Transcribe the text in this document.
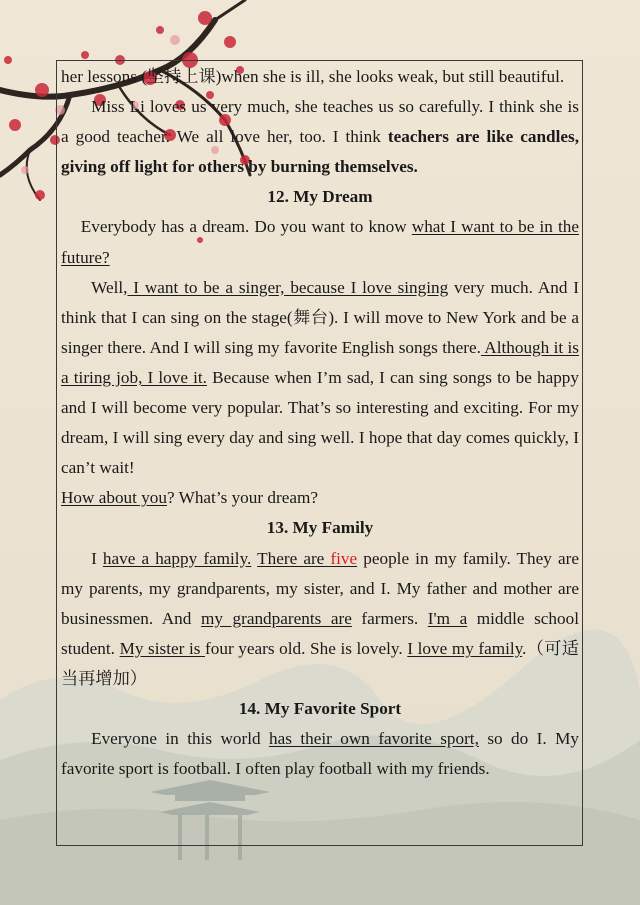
her lessons (坚持上课)when she is ill, she looks weak, but still beautiful.

Miss Li loves us very much, she teaches us so carefully. I think she is a good teacher. We all love her, too. I think teachers are like candles, giving off light for others by burning themselves.

12. My Dream

Everybody has a dream. Do you want to know what I want to be in the future?

Well, I want to be a singer, because I love singing very much. And I think that I can sing on the stage(舞台). I will move to New York and be a singer there. And I will sing my favorite English songs there. Although it is a tiring job, I love it. Because when I’m sad, I can sing songs to be happy and I will become very popular. That’s so interesting and exciting. For my dream, I will sing every day and sing well. I hope that day comes quickly, I can’t wait!
How about you? What’s your dream?

13. My Family

I have a happy family. There are five people in my family. They are my parents, my grandparents, my sister, and I. My father and mother are businessmen. And my grandparents are farmers. I'm a middle school student. My sister is four years old. She is lovely. I love my family.（可适当再增加）

14. My Favorite Sport

Everyone in this world has their own favorite sport, so do I. My favorite sport is football. I often play football with my friends.
